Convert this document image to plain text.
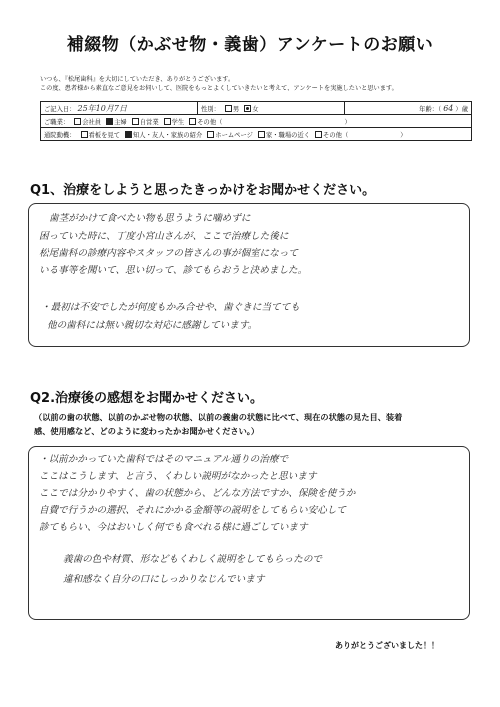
補綴物（かぶせ物・義歯）アンケートのお願い
いつも、『松尾歯科』を大切にしていただき、ありがとうございます。
この度、患者様から素直なご意見をお伺いして、医院をもっとよくしていきたいと考えて、アンケートを実施したいと思います。
ご記入日： 25年10月7日	性別： 男 女	年齢：（ 64 ）歳
ご職業： 会社員 主婦 自営業 学生 その他（	）
通院動機： 看板を見て 知人・友人・家族の紹介 ホームページ 家・職場の近く その他（	）
Q1、治療をしようと思ったきっかけをお聞かせください。
歯茎がかけて食べたい物も思うように噛めずに
困っていた時に、丁度小宮山さんが、ここで治療した後に
松尾歯科の診療内容やスタッフの皆さんの事が個室になって
いる事等を聞いて、思い切って、診てもらおうと決めました。
・最初は不安でしたが何度もかみ合せや、歯ぐきに当てても
他の歯科には無い親切な対応に感謝しています。
Q2.治療後の感想をお聞かせください。
（以前の歯の状態、以前のかぶせ物の状態、以前の義歯の状態に比べて、現在の状態の見た目、装着
感、使用感など、どのように変わったかお聞かせください。）
・以前かかっていた歯科ではそのマニュアル通りの治療で
ここはこうします、と言う、くわしい説明がなかったと思います
ここでは分かりやすく、歯の状態から、どんな方法ですか、保険を使うか
自費で行うかの選択、それにかかる金額等の説明をしてもらい安心して
診てもらい、今はおいしく何でも食べれる様に過ごしています
義歯の色や材質、形などもくわしく説明をしてもらったので
違和感なく自分の口にしっかりなじんでいます
ありがとうございました！！
